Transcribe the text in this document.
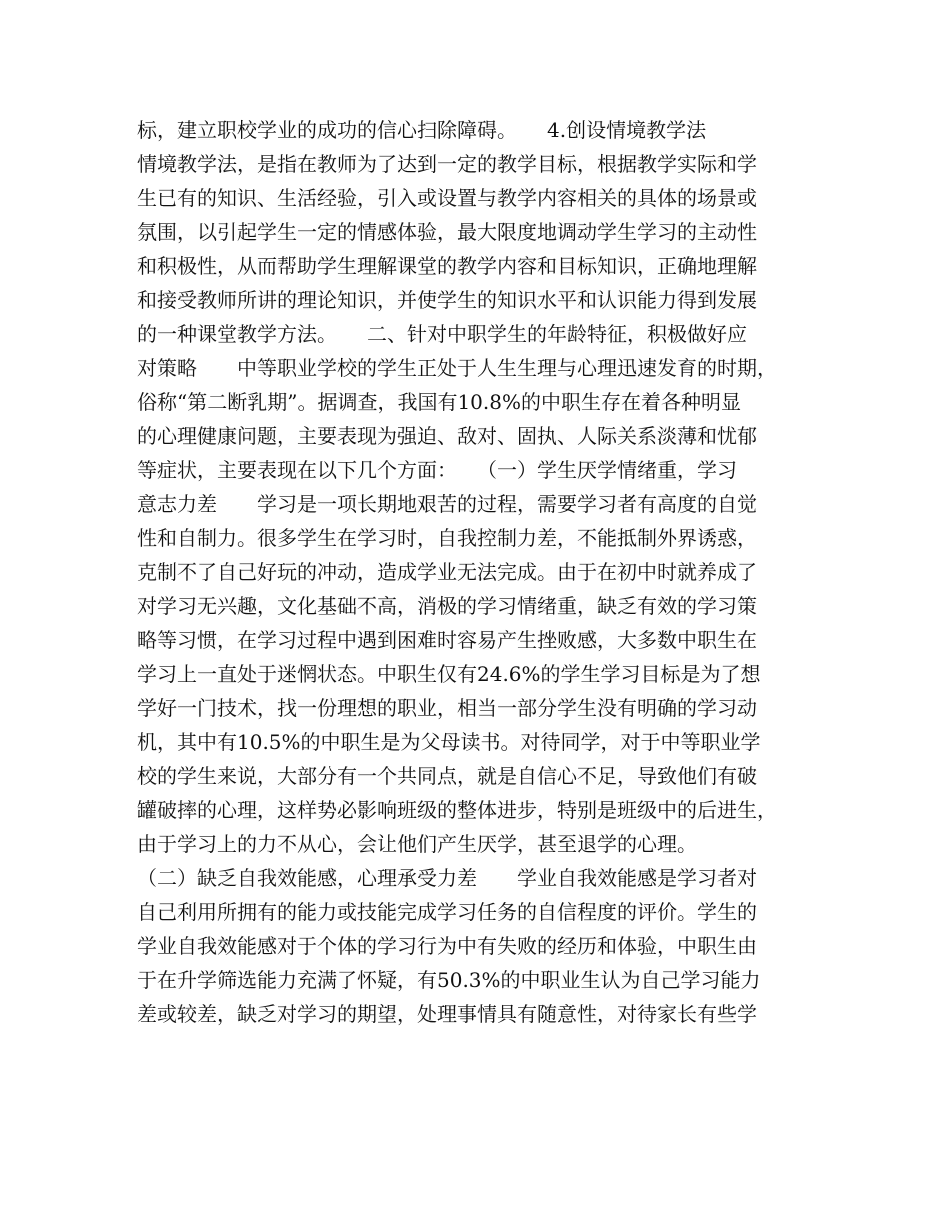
标，建立职校学业的成功的信心扫除障碍。　　4.创设情境教学法
情境教学法，是指在教师为了达到一定的教学目标，根据教学实际和学
生已有的知识、生活经验，引入或设置与教学内容相关的具体的场景或
氛围，以引起学生一定的情感体验，最大限度地调动学生学习的主动性
和积极性，从而帮助学生理解课堂的教学内容和目标知识，正确地理解
和接受教师所讲的理论知识，并使学生的知识水平和认识能力得到发展
的一种课堂教学方法。　　二、针对中职学生的年龄特征，积极做好应
对策略　　中等职业学校的学生正处于人生生理与心理迅速发育的时期，
俗称“第二断乳期”。据调查，我国有10.8%的中职生存在着各种明显
的心理健康问题，主要表现为强迫、敌对、固执、人际关系淡薄和忧郁
等症状，主要表现在以下几个方面：　　（一）学生厌学情绪重，学习
意志力差　　学习是一项长期地艰苦的过程，需要学习者有高度的自觉
性和自制力。很多学生在学习时，自我控制力差，不能抵制外界诱惑，
克制不了自己好玩的冲动，造成学业无法完成。由于在初中时就养成了
对学习无兴趣，文化基础不高，消极的学习情绪重，缺乏有效的学习策
略等习惯，在学习过程中遇到困难时容易产生挫败感，大多数中职生在
学习上一直处于迷惘状态。中职生仅有24.6%的学生学习目标是为了想
学好一门技术，找一份理想的职业，相当一部分学生没有明确的学习动
机，其中有10.5%的中职生是为父母读书。对待同学，对于中等职业学
校的学生来说，大部分有一个共同点，就是自信心不足，导致他们有破
罐破摔的心理，这样势必影响班级的整体进步，特别是班级中的后进生，
由于学习上的力不从心，会让他们产生厌学，甚至退学的心理。
（二）缺乏自我效能感，心理承受力差　　学业自我效能感是学习者对
自己利用所拥有的能力或技能完成学习任务的自信程度的评价。学生的
学业自我效能感对于个体的学习行为中有失败的经历和体验，中职生由
于在升学筛选能力充满了怀疑，有50.3%的中职业生认为自己学习能力
差或较差，缺乏对学习的期望，处理事情具有随意性，对待家长有些学
